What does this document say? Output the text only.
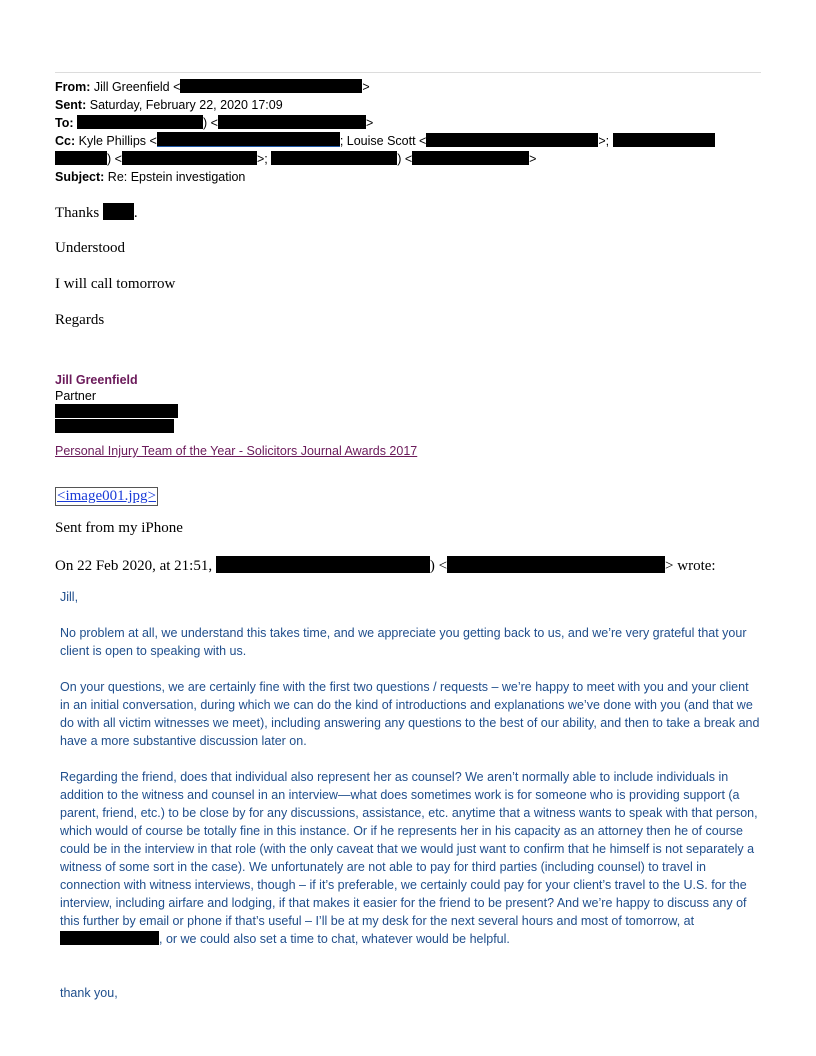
From: Jill Greenfield <	>
Sent: Saturday, February 22, 2020 17:09
To:	) <	>
Cc: Kyle Phillips <	; Louise Scott <	>;
) <	>;	) <	>
Subject: Re: Epstein investigation
Thanks .
Understood
I will call tomorrow
Regards
Jill Greenfield
Partner
Personal Injury Team of the Year - Solicitors Journal Awards 2017
<image001.jpg>
Sent from my iPhone
On 22 Feb 2020, at 21:51,	) <	> wrote:

Jill,

No problem at all, we understand this takes time, and we appreciate you getting back to us, and we’re very grateful that your client is open to speaking with us.

On your questions, we are certainly fine with the first two questions / requests – we’re happy to meet with you and your client in an initial conversation, during which we can do the kind of introductions and explanations we’ve done with you (and that we do with all victim witnesses we meet), including answering any questions to the best of our ability, and then to take a break and have a more substantive discussion later on.

Regarding the friend, does that individual also represent her as counsel? We aren’t normally able to include individuals in addition to the witness and counsel in an interview—what does sometimes work is for someone who is providing support (a parent, friend, etc.) to be close by for any discussions, assistance, etc. anytime that a witness wants to speak with that person, which would of course be totally fine in this instance. Or if he represents her in his capacity as an attorney then he of course could be in the interview in that role (with the only caveat that we would just want to confirm that he himself is not separately a witness of some sort in the case). We unfortunately are not able to pay for third parties (including counsel) to travel in connection with witness interviews, though – if it’s preferable, we certainly could pay for your client’s travel to the U.S. for the interview, including airfare and lodging, if that makes it easier for the friend to be present? And we’re happy to discuss any of this further by email or phone if that’s useful – I’ll be at my desk for the next several hours and most of tomorrow, at , or we could also set a time to chat, whatever would be helpful.

thank you,
